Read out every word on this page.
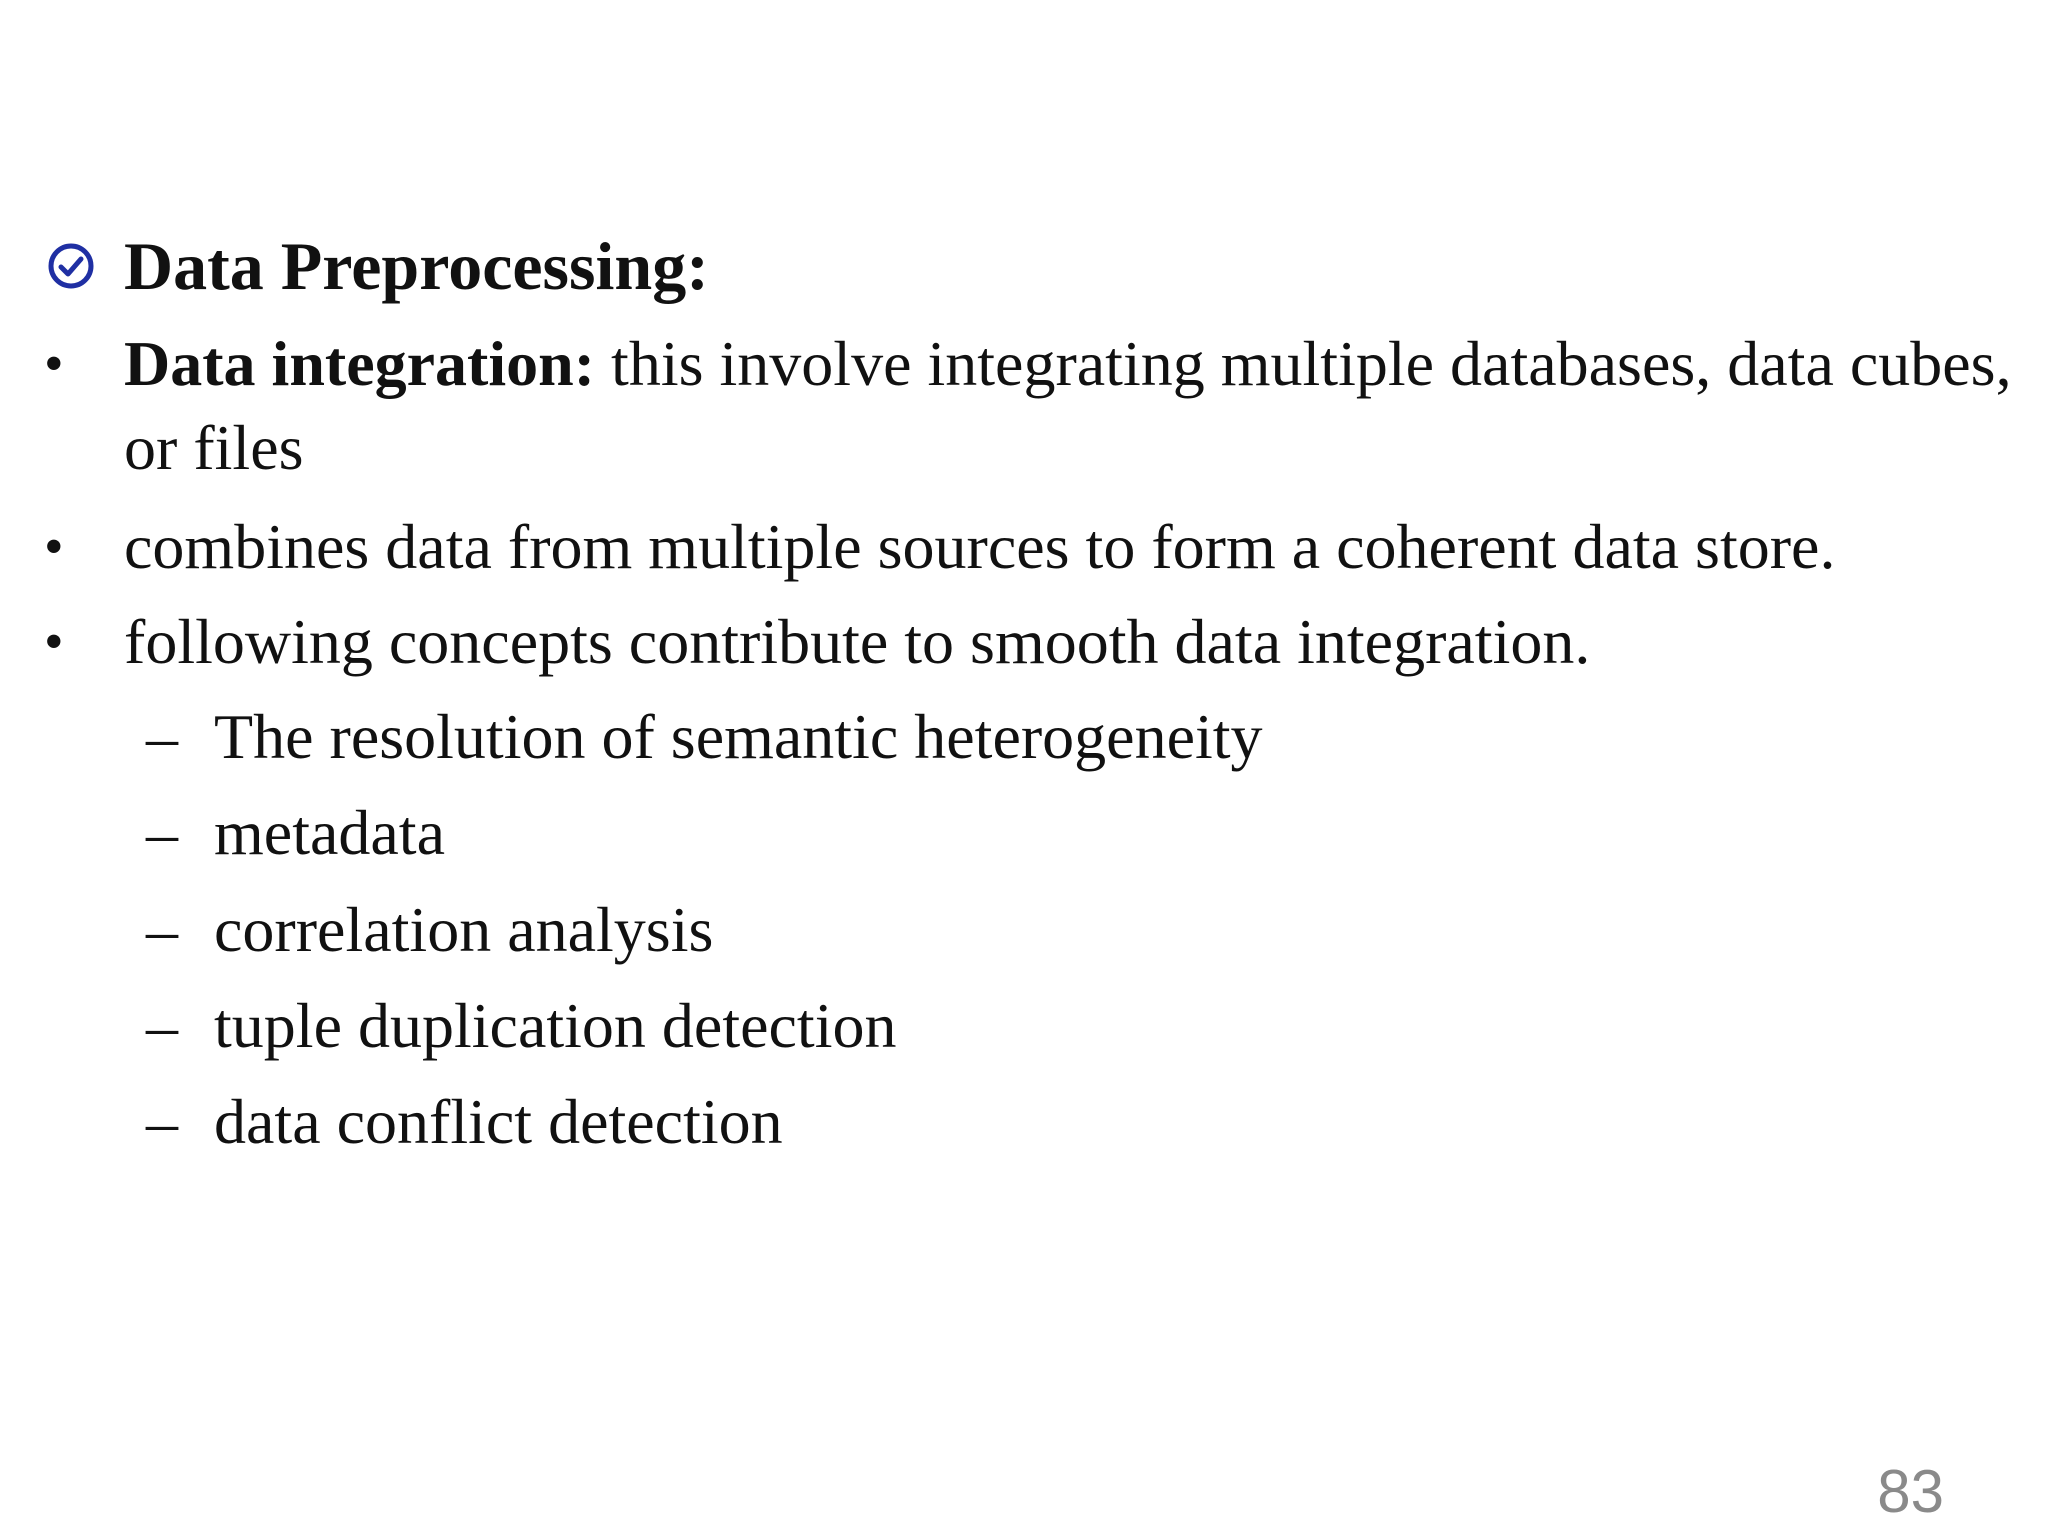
Data Preprocessing:
• Data integration: this involve integrating multiple databases, data cubes, or files
• combines data from multiple sources to form a coherent data store.
• following concepts contribute to smooth data integration.
– The resolution of semantic heterogeneity
– metadata
– correlation analysis
– tuple duplication detection
– data conflict detection
83
